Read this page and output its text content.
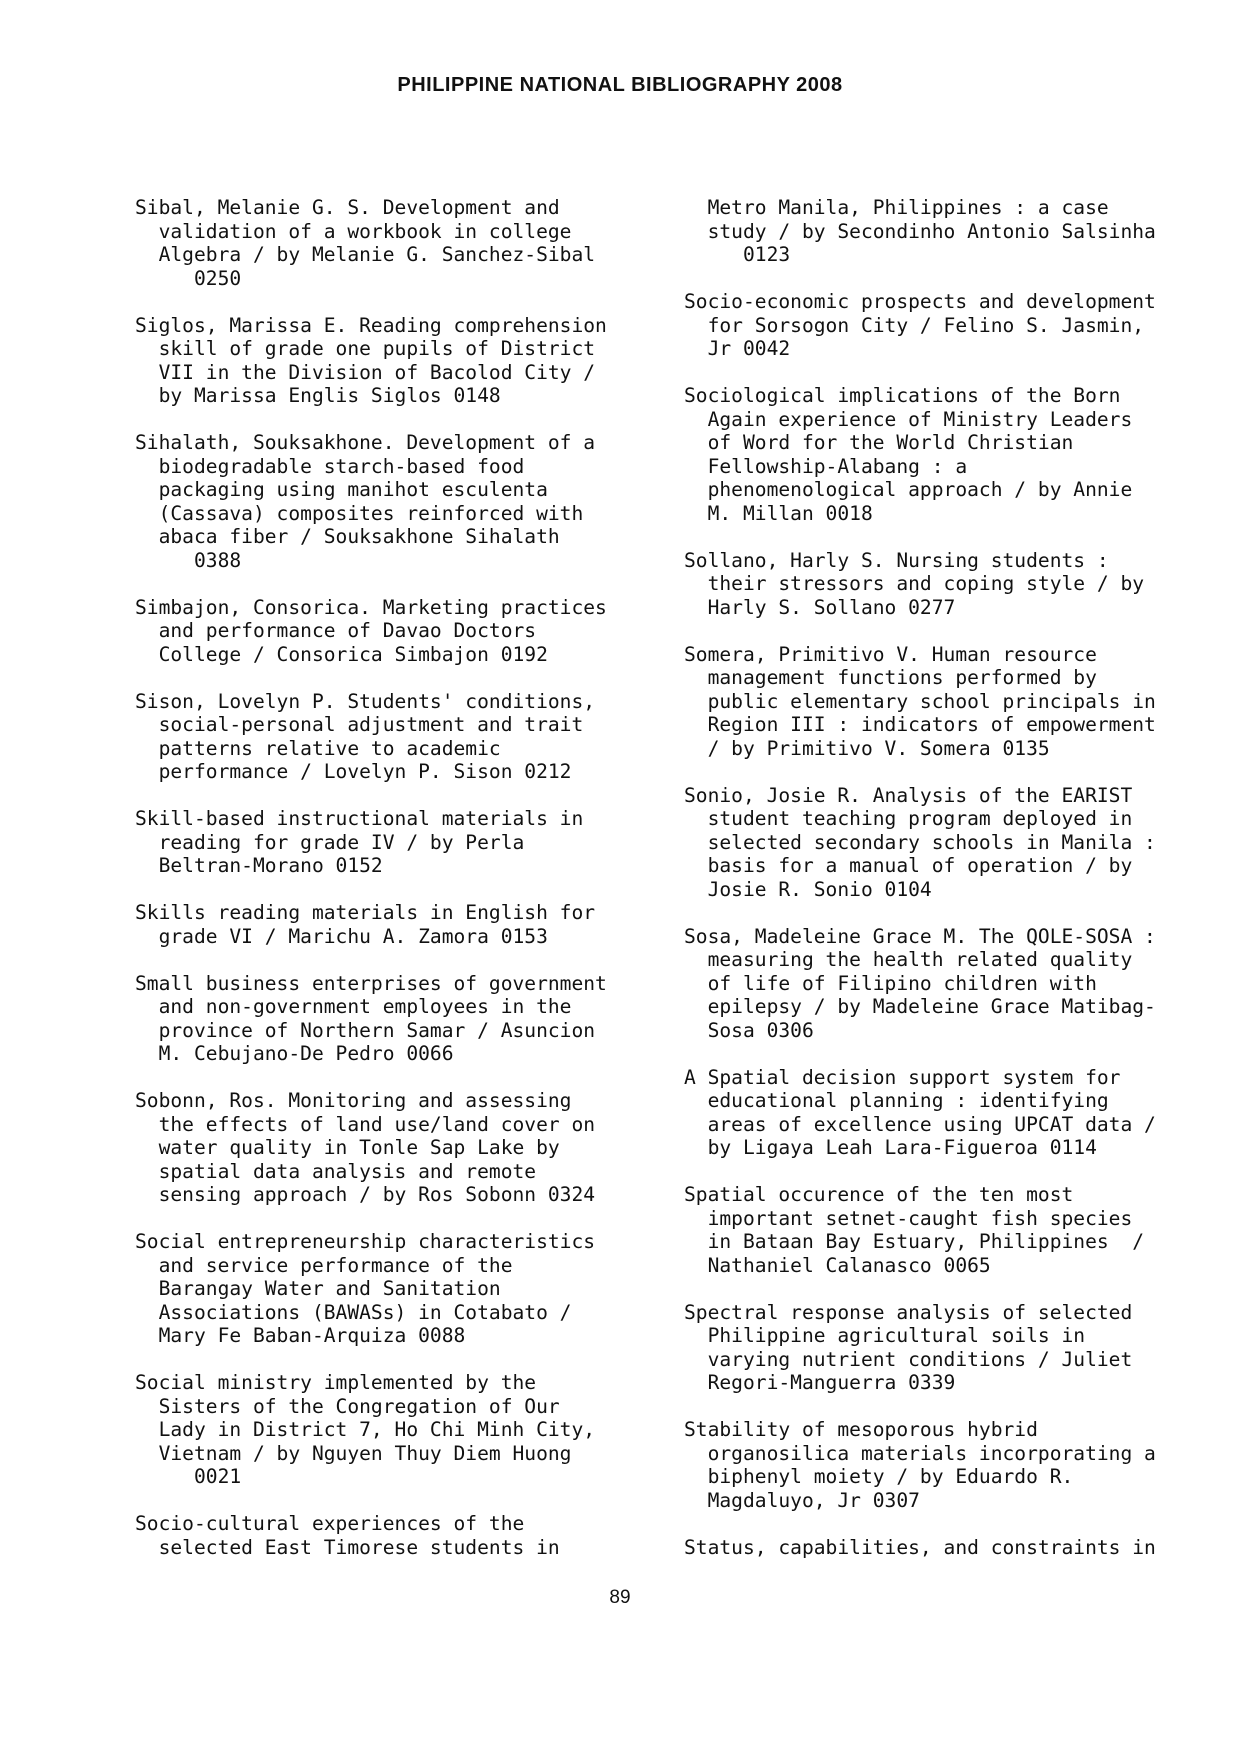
PHILIPPINE NATIONAL BIBLIOGRAPHY 2008

Sibal, Melanie G. S. Development and
validation of a workbook in college
Algebra / by Melanie G. Sanchez-Sibal
0250

Siglos, Marissa E. Reading comprehension
skill of grade one pupils of District
VII in the Division of Bacolod City /
by Marissa Englis Siglos 0148

Sihalath, Souksakhone. Development of a
biodegradable starch-based food
packaging using manihot esculenta
(Cassava) composites reinforced with
abaca fiber / Souksakhone Sihalath
0388

Simbajon, Consorica. Marketing practices
and performance of Davao Doctors
College / Consorica Simbajon 0192

Sison, Lovelyn P. Students' conditions,
social-personal adjustment and trait
patterns relative to academic
performance / Lovelyn P. Sison 0212

Skill-based instructional materials in
reading for grade IV / by Perla
Beltran-Morano 0152

Skills reading materials in English for
grade VI / Marichu A. Zamora 0153

Small business enterprises of government
and non-government employees in the
province of Northern Samar / Asuncion
M. Cebujano-De Pedro 0066

Sobonn, Ros. Monitoring and assessing
the effects of land use/land cover on
water quality in Tonle Sap Lake by
spatial data analysis and remote
sensing approach / by Ros Sobonn 0324

Social entrepreneurship characteristics
and service performance of the
Barangay Water and Sanitation
Associations (BAWASs) in Cotabato /
Mary Fe Baban-Arquiza 0088

Social ministry implemented by the
Sisters of the Congregation of Our
Lady in District 7, Ho Chi Minh City,
Vietnam / by Nguyen Thuy Diem Huong
0021

Socio-cultural experiences of the
selected East Timorese students in

Metro Manila, Philippines : a case
study / by Secondinho Antonio Salsinha
0123

Socio-economic prospects and development
for Sorsogon City / Felino S. Jasmin,
Jr 0042

Sociological implications of the Born
Again experience of Ministry Leaders
of Word for the World Christian
Fellowship-Alabang : a
phenomenological approach / by Annie
M. Millan 0018

Sollano, Harly S. Nursing students :
their stressors and coping style / by
Harly S. Sollano 0277

Somera, Primitivo V. Human resource
management functions performed by
public elementary school principals in
Region III : indicators of empowerment
/ by Primitivo V. Somera 0135

Sonio, Josie R. Analysis of the EARIST
student teaching program deployed in
selected secondary schools in Manila :
basis for a manual of operation / by
Josie R. Sonio 0104

Sosa, Madeleine Grace M. The QOLE-SOSA :
measuring the health related quality
of life of Filipino children with
epilepsy / by Madeleine Grace Matibag-
Sosa 0306

A Spatial decision support system for
educational planning : identifying
areas of excellence using UPCAT data /
by Ligaya Leah Lara-Figueroa 0114

Spatial occurence of the ten most
important setnet-caught fish species
in Bataan Bay Estuary, Philippines  /
Nathaniel Calanasco 0065

Spectral response analysis of selected
Philippine agricultural soils in
varying nutrient conditions / Juliet
Regori-Manguerra 0339

Stability of mesoporous hybrid
organosilica materials incorporating a
biphenyl moiety / by Eduardo R.
Magdaluyo, Jr 0307

Status, capabilities, and constraints in

89
